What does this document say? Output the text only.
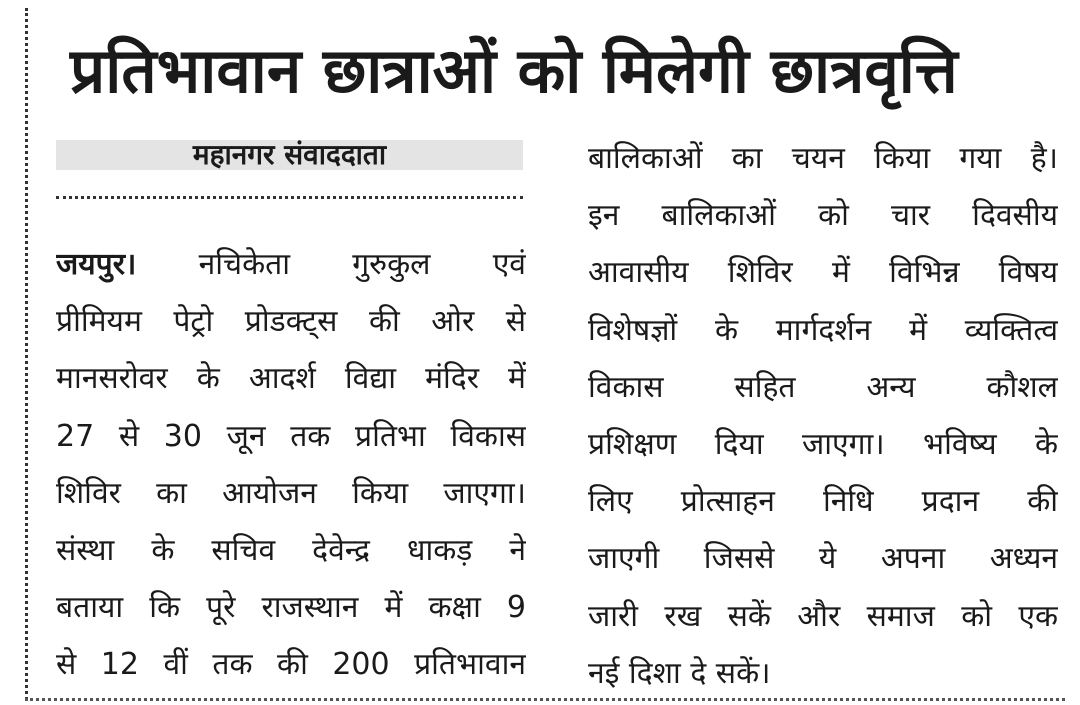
प्रतिभावान छात्राओं को मिलेगी छात्रवृत्ति
महानगर संवाददाता
जयपुर। नचिकेता गुरुकुल एवं
प्रीमियम पेट्रो प्रोडक्ट्स की ओर से
मानसरोवर के आदर्श विद्या मंदिर में
27 से 30 जून तक प्रतिभा विकास
शिविर का आयोजन किया जाएगा।
संस्था के सचिव देवेन्द्र धाकड़ ने
बताया कि पूरे राजस्थान में कक्षा 9
से 12 वीं तक की 200 प्रतिभावान
बालिकाओं का चयन किया गया है।
इन बालिकाओं को चार दिवसीय
आवासीय शिविर में विभिन्न विषय
विशेषज्ञों के मार्गदर्शन में व्यक्तित्व
विकास सहित अन्य कौशल
प्रशिक्षण दिया जाएगा। भविष्य के
लिए प्रोत्साहन निधि प्रदान की
जाएगी जिससे ये अपना अध्यन
जारी रख सकें और समाज को एक
नई दिशा दे सकें।
